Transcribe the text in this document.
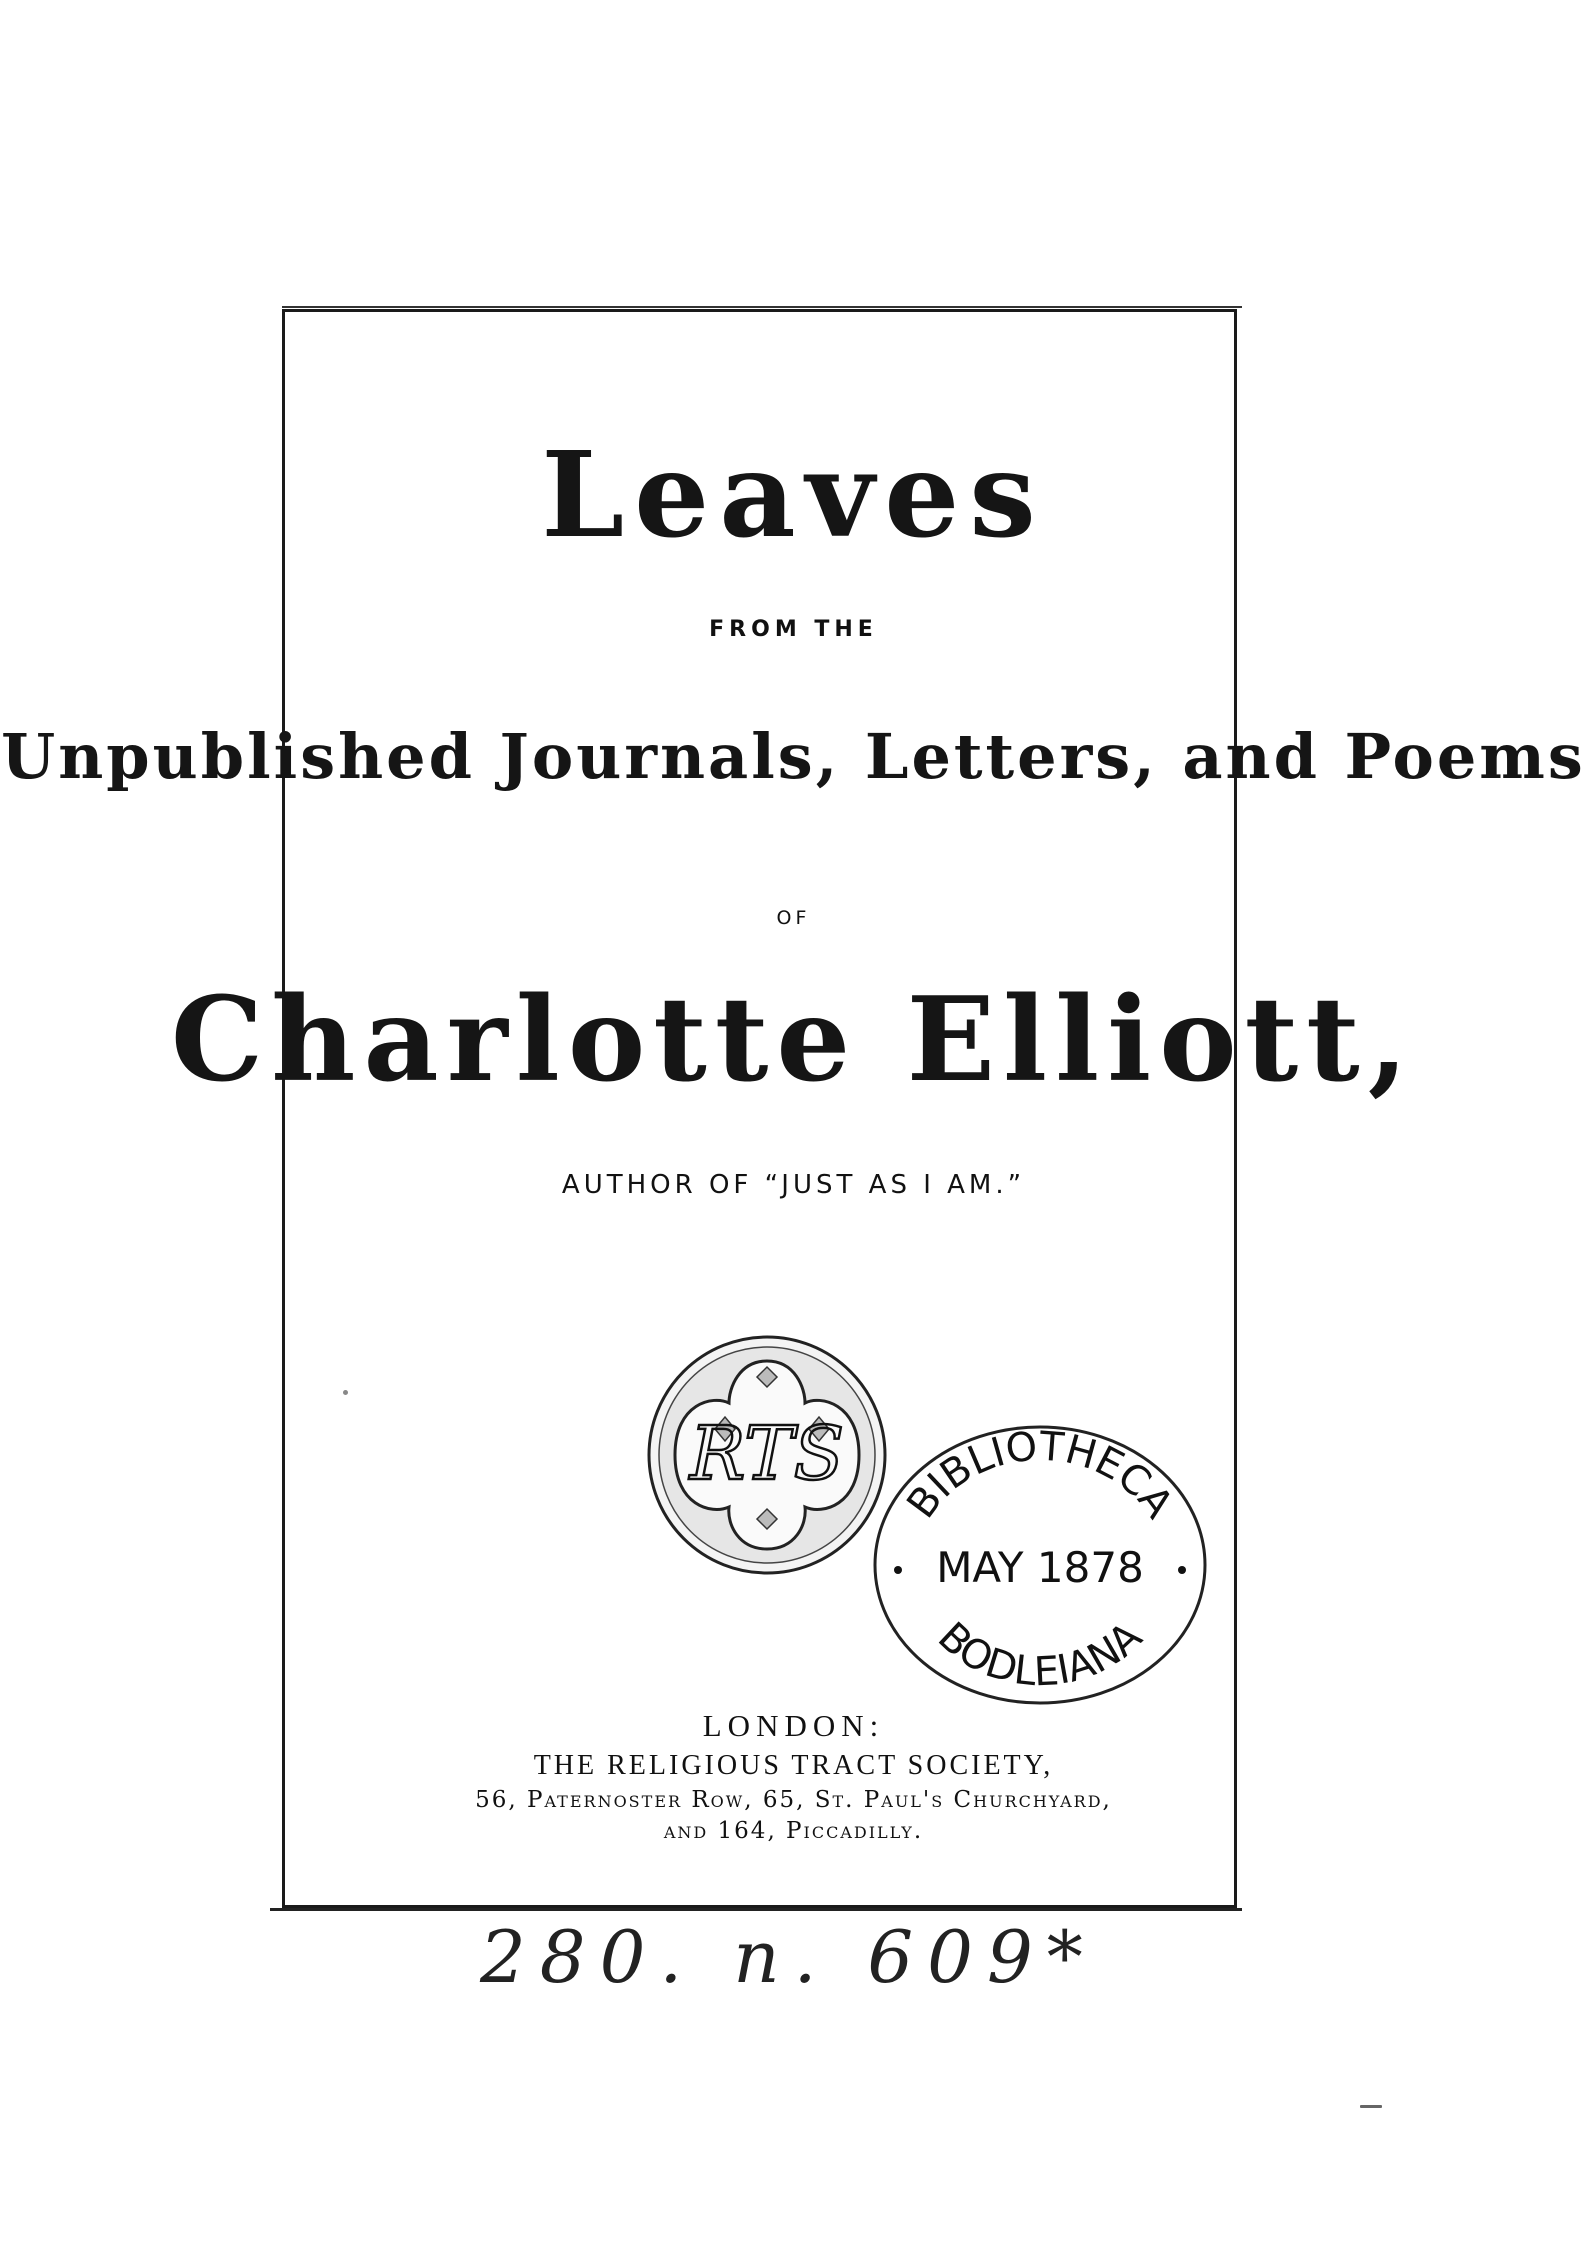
Leaves
FROM THE
Unpublished Journals, Letters, and Poems
OF
Charlotte Elliott,
AUTHOR OF “JUST AS I AM.”
RTS
BIBLIOTHECA
MAY 1878
BODLEIANA
LONDON:
THE RELIGIOUS TRACT SOCIETY,
56, Paternoster Row, 65, St. Paul's Churchyard,
and 164, Piccadilly.
280. n. 609*
